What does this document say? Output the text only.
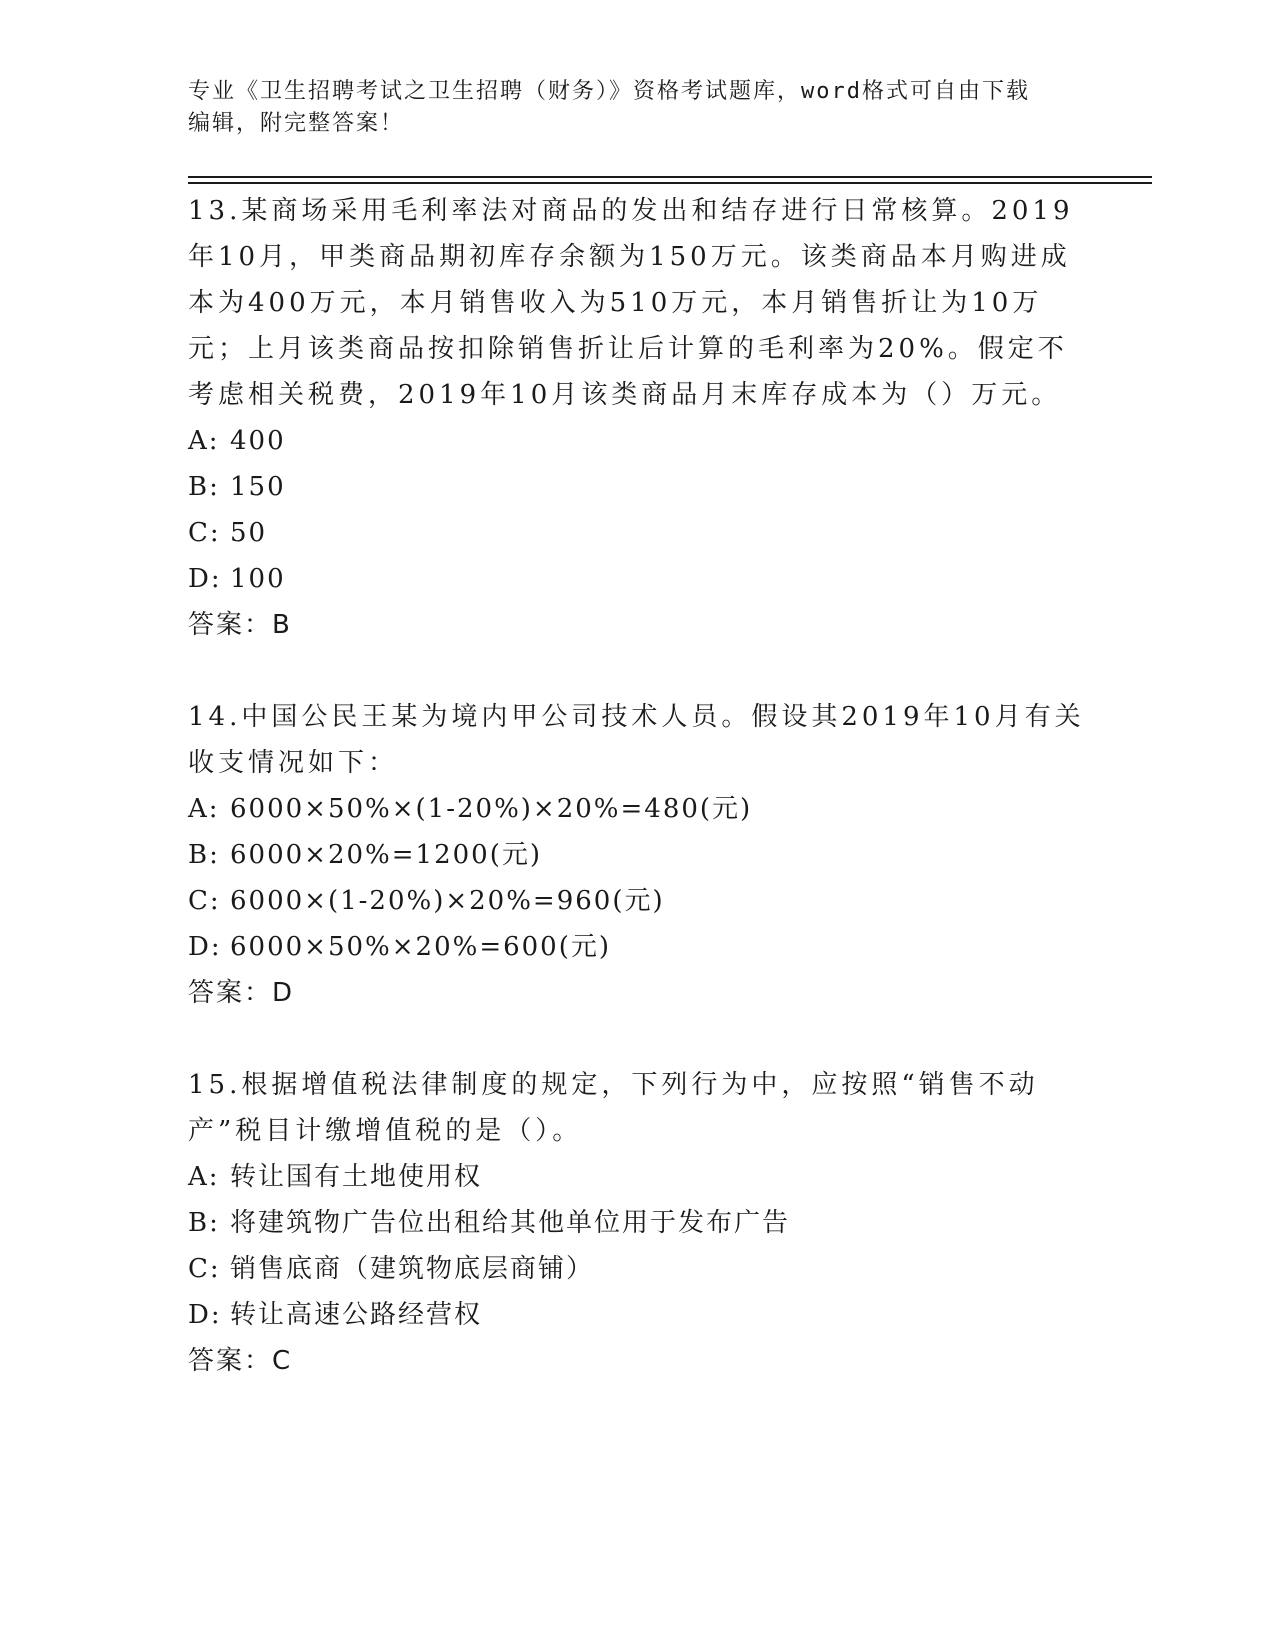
专业《卫生招聘考试之卫生招聘（财务）》资格考试题库，word格式可自由下载
编辑，附完整答案！
13.某商场采用毛利率法对商品的发出和结存进行日常核算。2019年10月，甲类商品期初库存余额为150万元。该类商品本月购进成本为400万元，本月销售收入为510万元，本月销售折让为10万元；上月该类商品按扣除销售折让后计算的毛利率为20%。假定不考虑相关税费，2019年10月该类商品月末库存成本为（）万元。
A: 400
B: 150
C: 50
D: 100
答案：B
14.中国公民王某为境内甲公司技术人员。假设其2019年10月有关收支情况如下：
A: 6000×50%×(1-20%)×20%=480(元)
B: 6000×20%=1200(元)
C: 6000×(1-20%)×20%=960(元)
D: 6000×50%×20%=600(元)
答案：D
15.根据增值税法律制度的规定，下列行为中，应按照“销售不动产”税目计缴增值税的是（）。
A: 转让国有土地使用权
B: 将建筑物广告位出租给其他单位用于发布广告
C: 销售底商（建筑物底层商铺）
D: 转让高速公路经营权
答案：C
